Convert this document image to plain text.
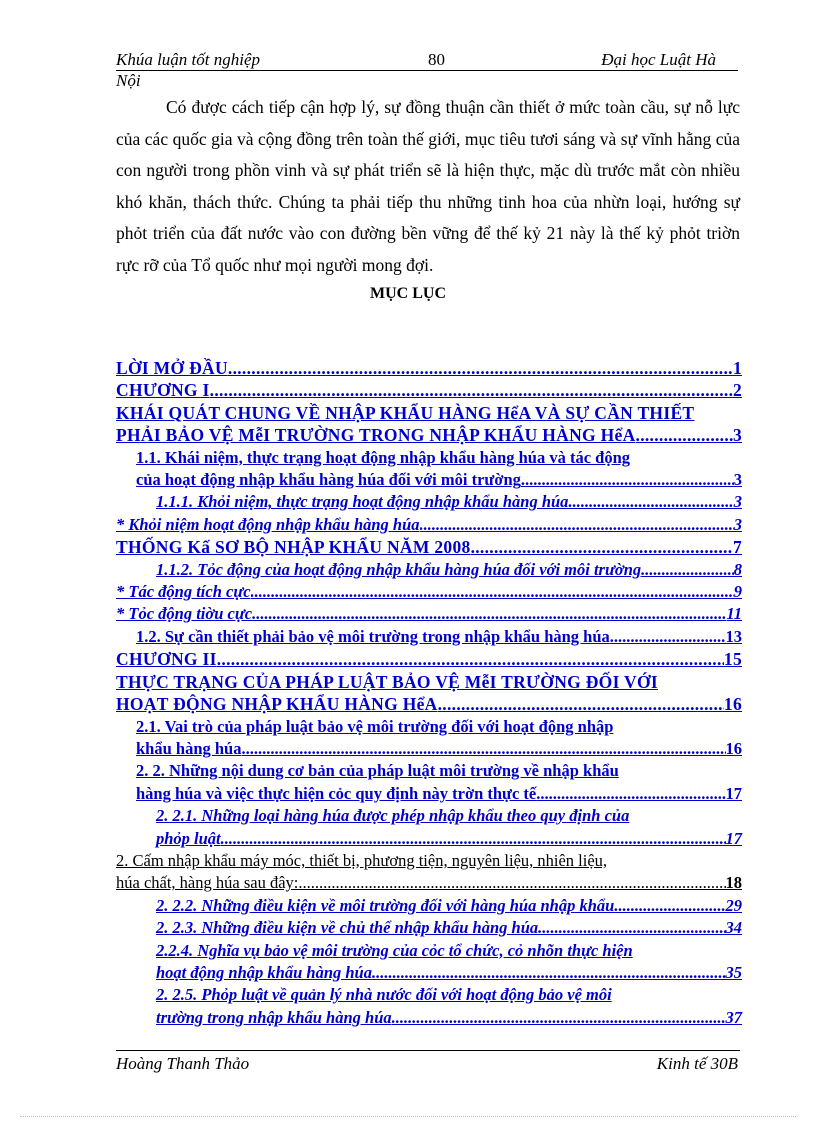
Khúa luận tốt nghiệp	80	Đại học Luật Hà
Nội

Có được cách tiếp cận hợp lý, sự đồng thuận cần thiết ở mức toàn cầu, sự nỗ lực của các quốc gia và cộng đồng trên toàn thế giới, mục tiêu tươi sáng và sự vĩnh hằng của con người trong phồn vinh và sự phát triển sẽ là hiện thực, mặc dù trước mắt còn nhiều khó khăn, thách thức. Chúng ta phải tiếp thu những tinh hoa của nhừn loại, hướng sự phỏt triển của đất nước vào con đường bền vững để thế kỷ 21 này là thế kỷ phỏt triờn rực rỡ của Tổ quốc như mọi người mong đợi.

MỤC LỤC
LỜI MỞ ĐẦU .....	1
CHƯƠNG I .....	2
KHÁI QUÁT CHUNG VỀ NHẬP KHẨU HÀNG HểA VÀ SỰ CẦN THIẾT
PHẢI BẢO VỆ MễI TRƯỜNG TRONG NHẬP KHẨU HÀNG HểA .....	3
1.1. Khái niệm, thực trạng hoạt động nhập khẩu hàng húa và tác động
của hoạt động nhập khẩu hàng húa đối với môi trường .....	3
1.1.1. Khỏi niệm, thực trạng hoạt động nhập khẩu hàng húa .....	3
* Khỏi niệm hoạt động nhập khẩu hàng húa .....	3
THỐNG Kấ SƠ BỘ NHẬP KHẨU NĂM 2008 .....	7
1.1.2. Tỏc động của hoạt động nhập khẩu hàng húa đối với môi trường .....	8
* Tác động tích cực .....	9
* Tỏc động tiờu cực .....	11
1.2. Sự cần thiết phải bảo vệ môi trường trong nhập khẩu hàng húa .....	13
CHƯƠNG II .....	15
THỰC TRẠNG CỦA PHÁP LUẬT BẢO VỆ MễI TRƯỜNG ĐỐI VỚI
HOẠT ĐỘNG NHẬP KHẨU HÀNG HểA .....	16
2.1. Vai trò của pháp luật bảo vệ môi trường đối với hoạt động nhập
khẩu hàng húa .....	16
2. 2. Những nội dung cơ bản của pháp luật môi trường về nhập khẩu
hàng húa và việc thực hiện cỏc quy định này trờn thực tế .....	17
2. 2.1. Những loại hàng húa được phép nhập khẩu theo quy định của
phỏp luật .....	17
2. Cấm nhập khẩu máy móc, thiết bị, phương tiện, nguyên liệu, nhiên liệu,
húa chất, hàng húa sau đây: .....	18
2. 2.2. Những điều kiện về môi trường đối với hàng húa nhập khẩu .....	29
2. 2.3. Những điều kiện về chủ thể nhập khẩu hàng húa .....	34
2.2.4. Nghĩa vụ bảo vệ môi trường của cỏc tổ chức, cỏ nhõn thực hiện
hoạt động nhập khẩu hàng húa .....	35
2. 2.5. Phỏp luật về quản lý nhà nước đối với hoạt động bảo vệ môi
trường trong nhập khẩu hàng húa .....	37
Hoàng Thanh Thảo	Kinh tế 30B
